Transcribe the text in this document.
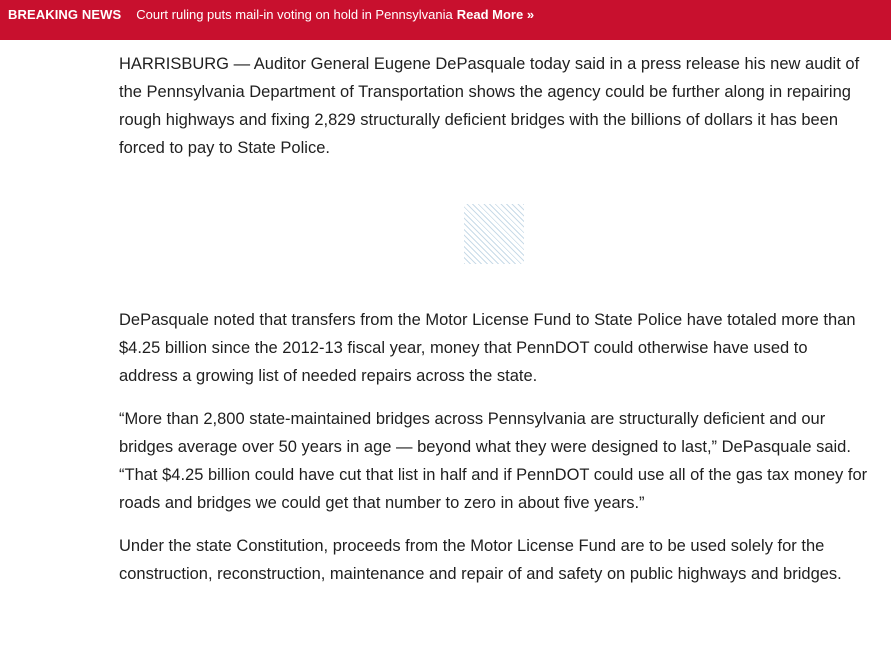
BREAKING NEWS Court ruling puts mail-in voting on hold in Pennsylvania Read More »

HARRISBURG — Auditor General Eugene DePasquale today said in a press release his new audit of the Pennsylvania Department of Transportation shows the agency could be further along in repairing rough highways and fixing 2,829 structurally deficient bridges with the billions of dollars it has been forced to pay to State Police.

DePasquale noted that transfers from the Motor License Fund to State Police have totaled more than $4.25 billion since the 2012-13 fiscal year, money that PennDOT could otherwise have used to address a growing list of needed repairs across the state.

“More than 2,800 state-maintained bridges across Pennsylvania are structurally deficient and our bridges average over 50 years in age — beyond what they were designed to last,” DePasquale said. “That $4.25 billion could have cut that list in half and if PennDOT could use all of the gas tax money for roads and bridges we could get that number to zero in about five years.”

Under the state Constitution, proceeds from the Motor License Fund are to be used solely for the construction, reconstruction, maintenance and repair of and safety on public highways and bridges.
